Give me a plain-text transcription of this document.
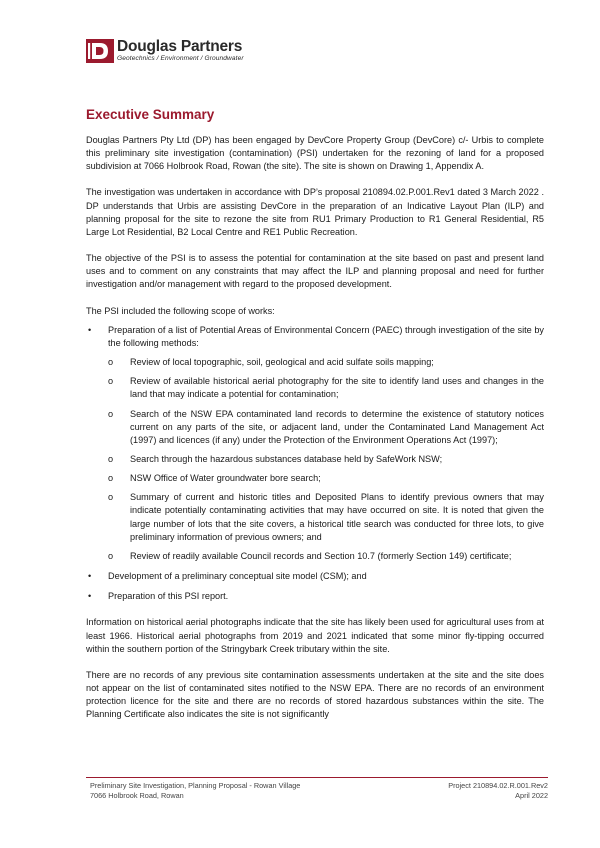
Douglas Partners
Geotechnics / Environment / Groundwater
Executive Summary

Douglas Partners Pty Ltd (DP) has been engaged by DevCore Property Group (DevCore) c/- Urbis to complete this preliminary site investigation (contamination) (PSI) undertaken for the rezoning of land for a proposed subdivision at 7066 Holbrook Road, Rowan (the site). The site is shown on Drawing 1, Appendix A.

The investigation was undertaken in accordance with DP’s proposal 210894.02.P.001.Rev1 dated 3 March 2022 . DP understands that Urbis are assisting DevCore in the preparation of an Indicative Layout Plan (ILP) and planning proposal for the site to rezone the site from RU1 Primary Production to R1 General Residential, R5 Large Lot Residential, B2 Local Centre and RE1 Public Recreation.

The objective of the PSI is to assess the potential for contamination at the site based on past and present land uses and to comment on any constraints that may affect the ILP and planning proposal and need for further investigation and/or management with regard to the proposed development.

The PSI included the following scope of works:

• Preparation of a list of Potential Areas of Environmental Concern (PAEC) through investigation of the site by the following methods:
o Review of local topographic, soil, geological and acid sulfate soils mapping;
o Review of available historical aerial photography for the site to identify land uses and changes in the land that may indicate a potential for contamination;
o Search of the NSW EPA contaminated land records to determine the existence of statutory notices current on any parts of the site, or adjacent land, under the Contaminated Land Management Act (1997) and licences (if any) under the Protection of the Environment Operations Act (1997);
o Search through the hazardous substances database held by SafeWork NSW;
o NSW Office of Water groundwater bore search;
o Summary of current and historic titles and Deposited Plans to identify previous owners that may indicate potentially contaminating activities that may have occurred on site. It is noted that given the large number of lots that the site covers, a historical title search was conducted for three lots, to give preliminary information of previous owners; and
o Review of readily available Council records and Section 10.7 (formerly Section 149) certificate;
• Development of a preliminary conceptual site model (CSM); and
• Preparation of this PSI report.

Information on historical aerial photographs indicate that the site has likely been used for agricultural uses from at least 1966. Historical aerial photographs from 2019 and 2021 indicated that some minor fly-tipping occurred within the southern portion of the Stringybark Creek tributary within the site.

There are no records of any previous site contamination assessments undertaken at the site and the site does not appear on the list of contaminated sites notified to the NSW EPA. There are no records of an environment protection licence for the site and there are no records of stored hazardous substances within the site. The Planning Certificate also indicates the site is not significantly

Preliminary Site Investigation, Planning Proposal - Rowan Village
7066 Holbrook Road, Rowan
Project 210894.02.R.001.Rev2
April 2022
